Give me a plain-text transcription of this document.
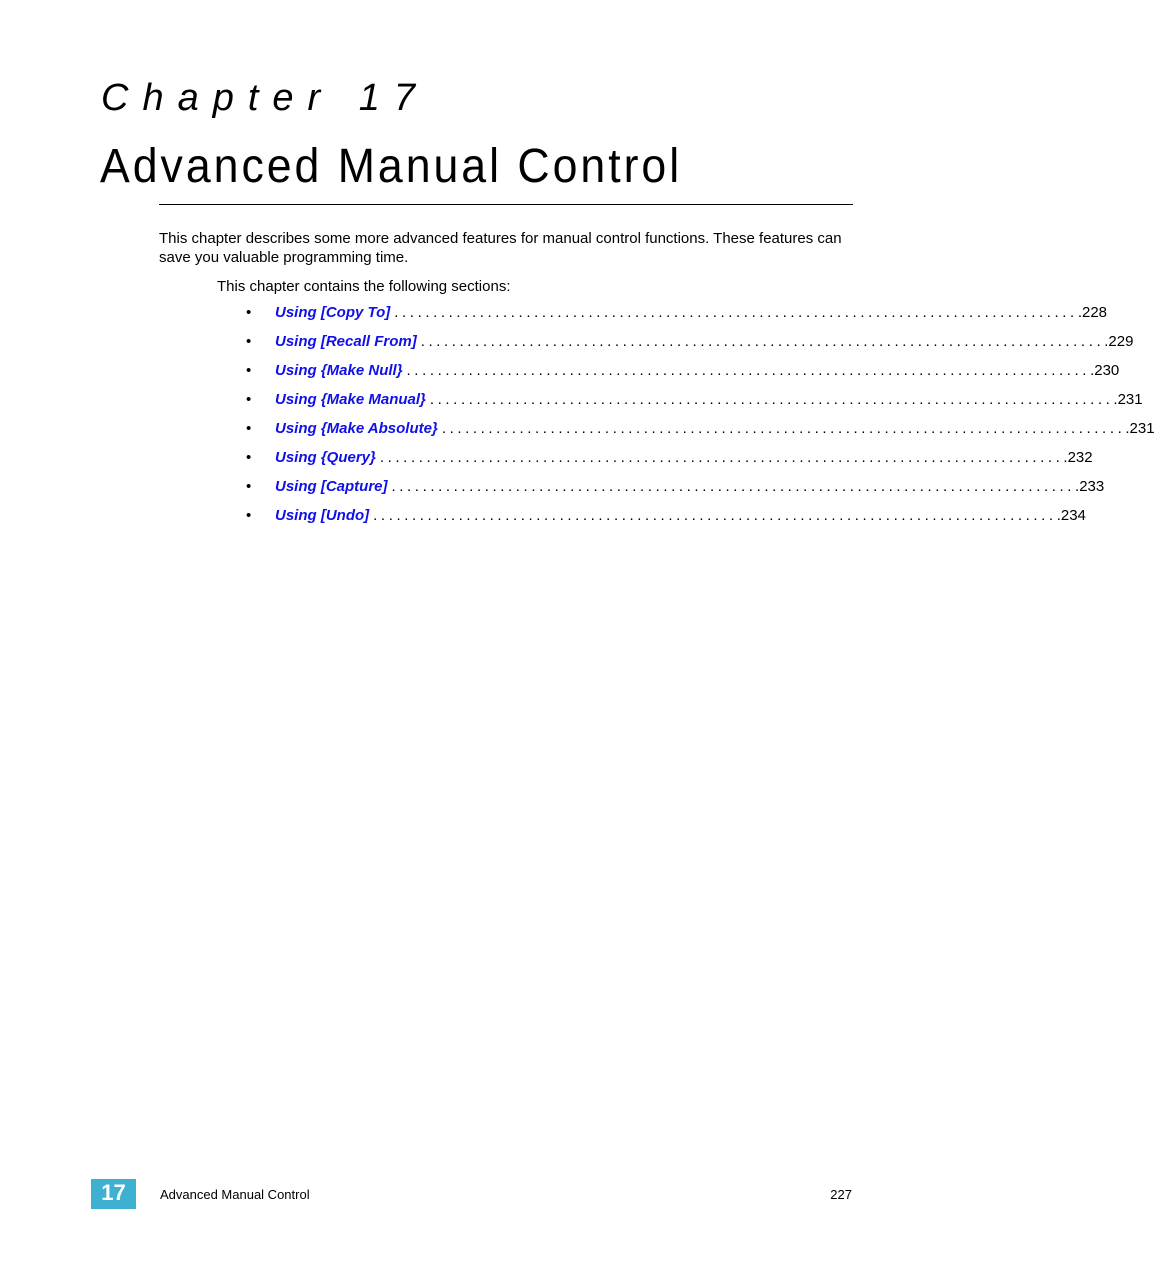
Chapter 17
Advanced Manual Control

This chapter describes some more advanced features for manual control functions. These features can save you valuable programming time.

This chapter contains the following sections:

•	Using [Copy To] ........................................................................................ .228
•	Using [Recall From] ........................................................................................ .229
•	Using {Make Null} ........................................................................................ .230
•	Using {Make Manual} ........................................................................................ .231
•	Using {Make Absolute} ........................................................................................ .231
•	Using {Query} ........................................................................................ .232
•	Using [Capture] ........................................................................................ .233
•	Using [Undo] ........................................................................................ .234
17	Advanced Manual Control	227
